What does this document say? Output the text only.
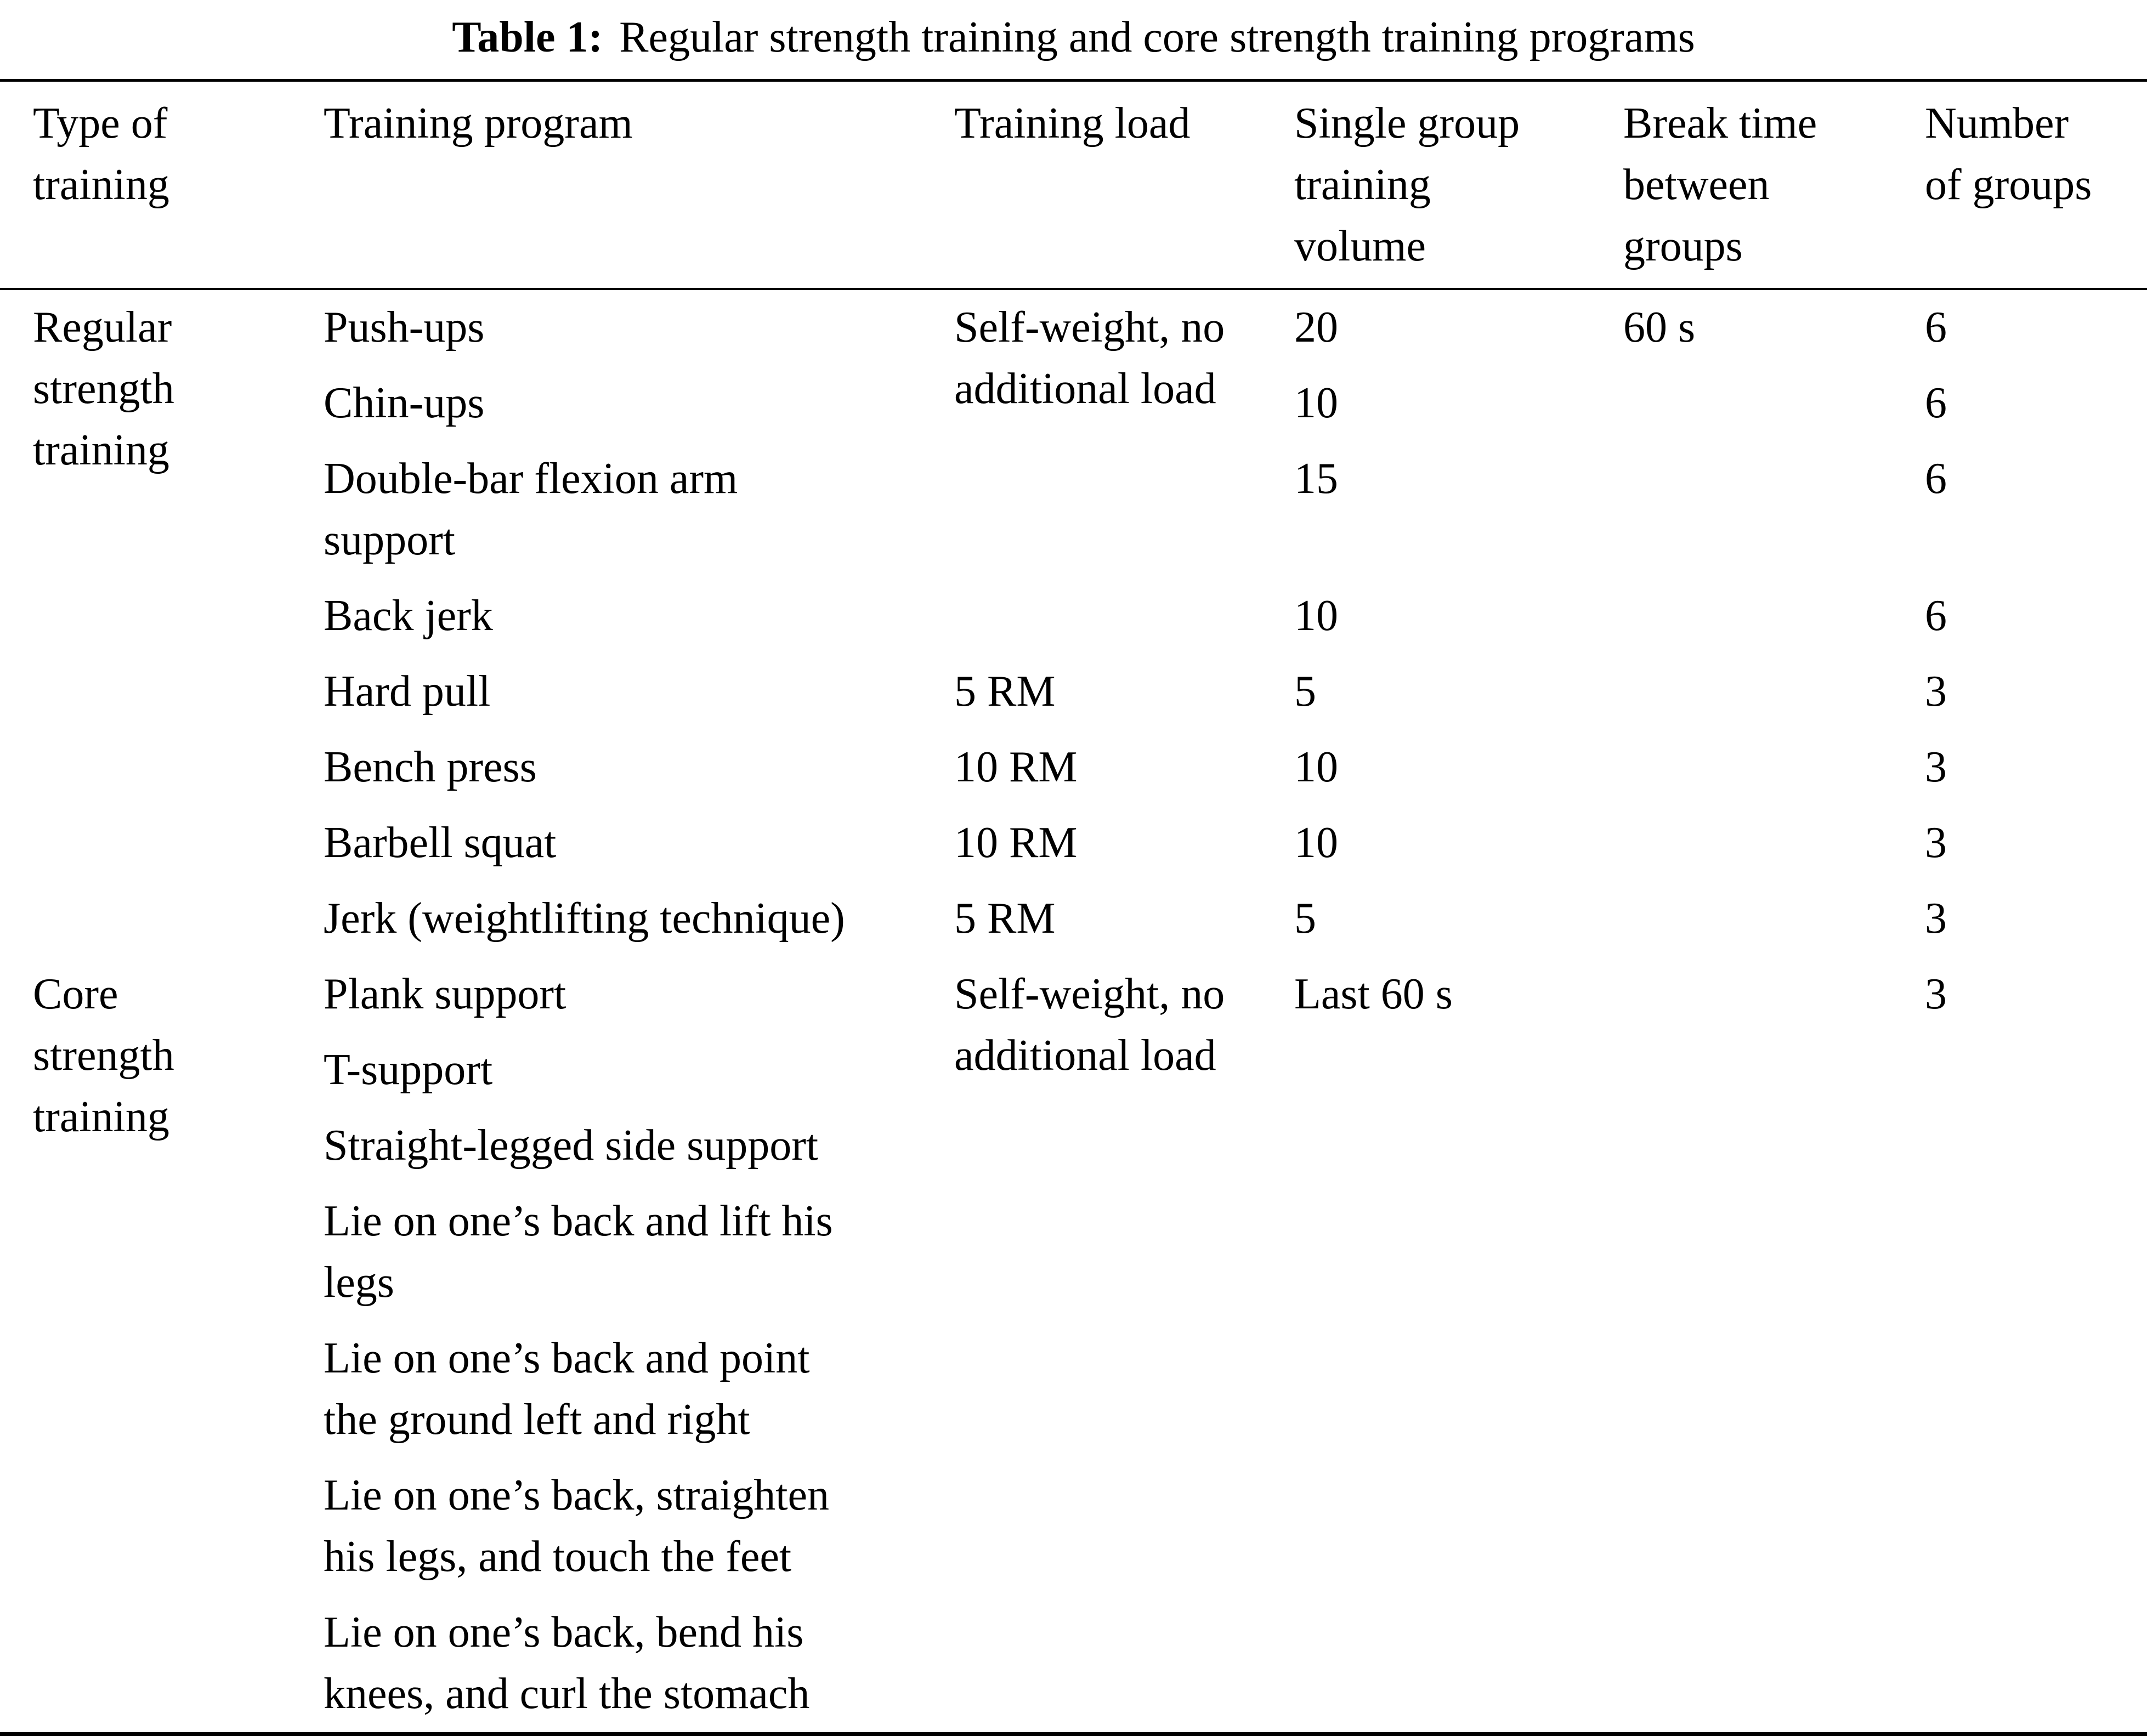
Table 1: Regular strength training and core strength training programs
Type of training	Training program	Training load	Single group training volume	Break time between groups	Number of groups
Regular strength training	Push-ups	Self-weight, no additional load	20	60 s	6
	Chin-ups		10		6
	Double-bar flexion arm support		15		6
	Back jerk		10		6
	Hard pull	5 RM	5		3
	Bench press	10 RM	10		3
	Barbell squat	10 RM	10		3
	Jerk (weightlifting technique)	5 RM	5		3
Core strength training	Plank support	Self-weight, no additional load	Last 60 s		3
	T-support				
	Straight-legged side support				
	Lie on one’s back and lift his legs				
	Lie on one’s back and point the ground left and right				
	Lie on one’s back, straighten his legs, and touch the feet				
	Lie on one’s back, bend his knees, and curl the stomach				
